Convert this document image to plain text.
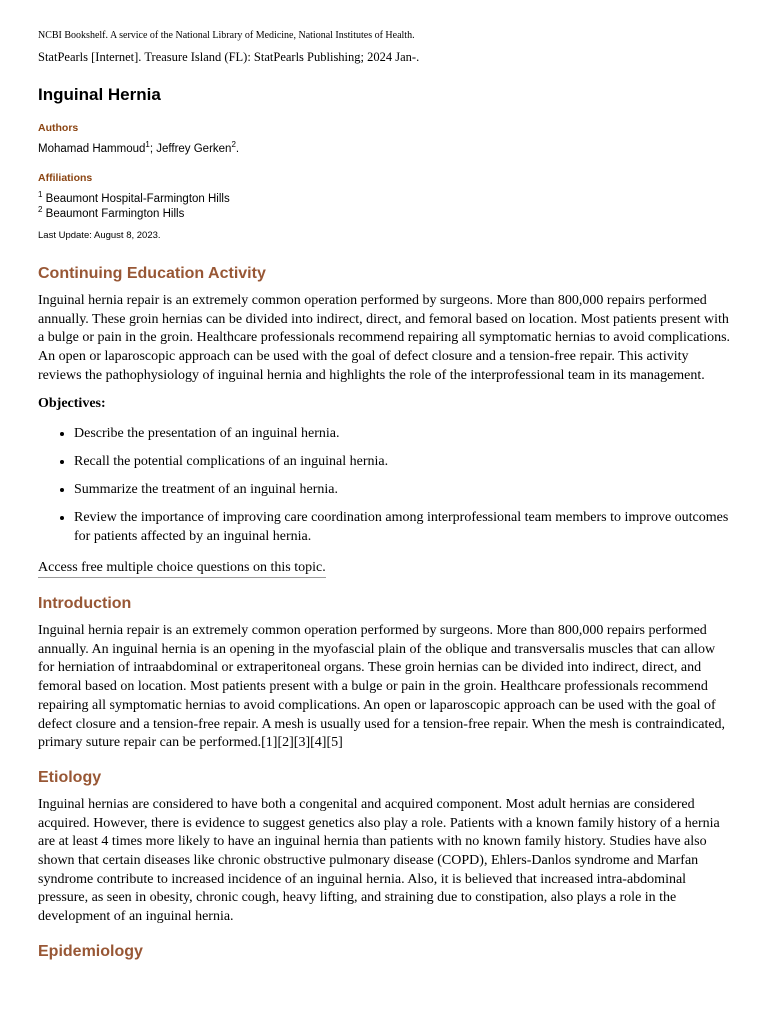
NCBI Bookshelf. A service of the National Library of Medicine, National Institutes of Health.

StatPearls [Internet]. Treasure Island (FL): StatPearls Publishing; 2024 Jan-.

Inguinal Hernia

Authors

Mohamad Hammoud$^1$; Jeffrey Gerken$^2$.

Affiliations

$^1$ Beaumont Hospital-Farmington Hills

$^2$ Beaumont Farmington Hills

Last Update: August 8, 2023.

Continuing Education Activity

Inguinal hernia repair is an extremely common operation performed by surgeons. More than 800,000 repairs performed annually. These groin hernias can be divided into indirect, direct, and femoral based on location. Most patients present with a bulge or pain in the groin. Healthcare professionals recommend repairing all symptomatic hernias to avoid complications. An open or laparoscopic approach can be used with the goal of defect closure and a tension-free repair. This activity reviews the pathophysiology of inguinal hernia and highlights the role of the interprofessional team in its management.

Objectives:

• Describe the presentation of an inguinal hernia.
• Recall the potential complications of an inguinal hernia.
• Summarize the treatment of an inguinal hernia.
• Review the importance of improving care coordination among interprofessional team members to improve outcomes for patients affected by an inguinal hernia.
Access free multiple choice questions on this topic.
Introduction

Inguinal hernia repair is an extremely common operation performed by surgeons. More than 800,000 repairs performed annually. An inguinal hernia is an opening in the myofascial plain of the oblique and transversalis muscles that can allow for herniation of intraabdominal or extraperitoneal organs. These groin hernias can be divided into indirect, direct, and femoral based on location. Most patients present with a bulge or pain in the groin. Healthcare professionals recommend repairing all symptomatic hernias to avoid complications. An open or laparoscopic approach can be used with the goal of defect closure and a tension-free repair. A mesh is usually used for a tension-free repair. When the mesh is contraindicated, primary suture repair can be performed.[1][2][3][4][5]

Etiology

Inguinal hernias are considered to have both a congenital and acquired component. Most adult hernias are considered acquired. However, there is evidence to suggest genetics also play a role. Patients with a known family history of a hernia are at least 4 times more likely to have an inguinal hernia than patients with no known family history. Studies have also shown that certain diseases like chronic obstructive pulmonary disease (COPD), Ehlers-Danlos syndrome and Marfan syndrome contribute to increased incidence of an inguinal hernia. Also, it is believed that increased intra-abdominal pressure, as seen in obesity, chronic cough, heavy lifting, and straining due to constipation, also plays a role in the development of an inguinal hernia.

Epidemiology
